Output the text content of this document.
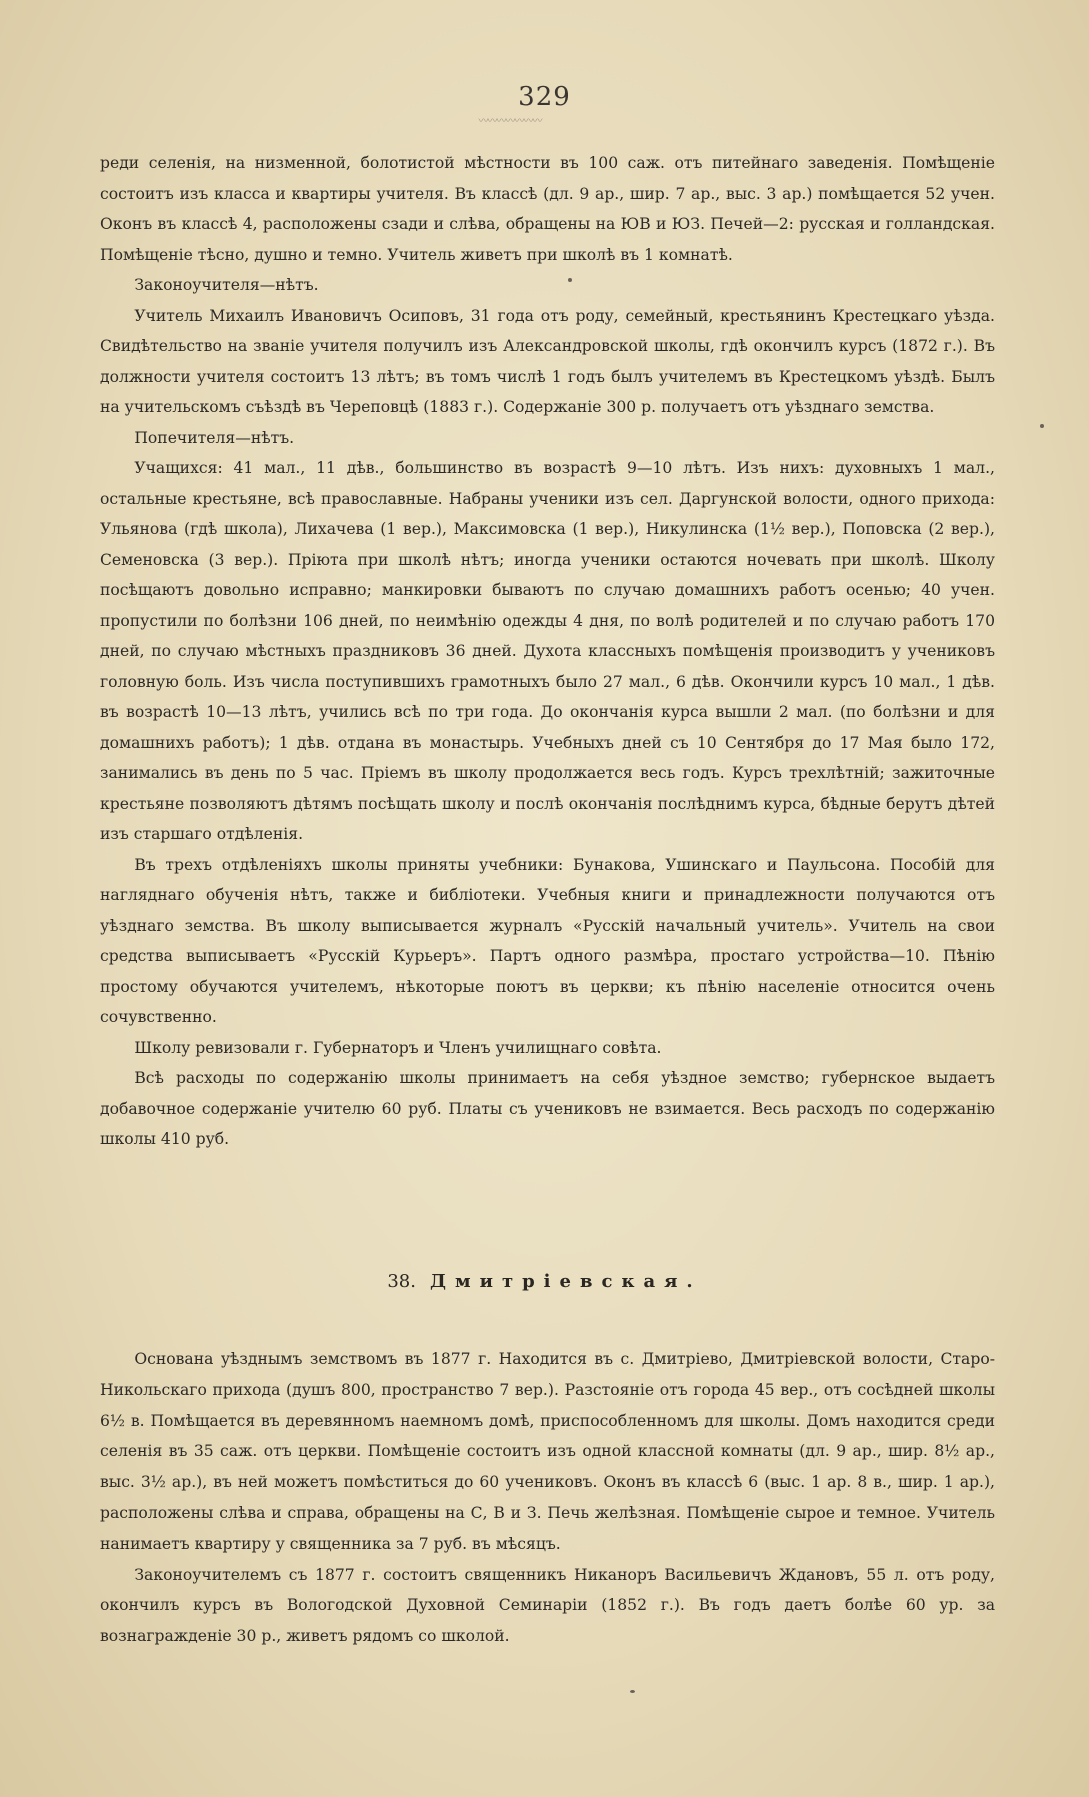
329
〰〰〰〰〰〰〰

реди селенія, на низменной, болотистой мѣстности въ 100 саж. отъ питейнаго заведенія. Помѣщеніе состоитъ изъ класса и квартиры учителя. Въ классѣ (дл. 9 ар., шир. 7 ар., выс. 3 ар.) помѣщается 52 учен. Оконъ въ классѣ 4, расположены сзади и слѣва, обращены на ЮВ и ЮЗ. Печей—2: русская и голландская. Помѣщеніе тѣсно, душно и темно. Учитель живетъ при школѣ въ 1 комнатѣ.

Законоучителя—нѣтъ.

Учитель Михаилъ Ивановичъ Осиповъ, 31 года отъ роду, семейный, крестьянинъ Крестецкаго уѣзда. Свидѣтельство на званіе учителя получилъ изъ Александровской школы, гдѣ окончилъ курсъ (1872 г.). Въ должности учителя состоитъ 13 лѣтъ; въ томъ числѣ 1 годъ былъ учителемъ въ Крестецкомъ уѣздѣ. Былъ на учительскомъ съѣздѣ въ Череповцѣ (1883 г.). Содержаніе 300 р. получаетъ отъ уѣзднаго земства.

Попечителя—нѣтъ.

Учащихся: 41 мал., 11 дѣв., большинство въ возрастѣ 9—10 лѣтъ. Изъ нихъ: духовныхъ 1 мал., остальные крестьяне, всѣ православные. Набраны ученики изъ сел. Даргунской волости, одного прихода: Ульянова (гдѣ школа), Лихачева (1 вер.), Максимовска (1 вер.), Никулинска (1½ вер.), Поповска (2 вер.), Семеновска (3 вер.). Пріюта при школѣ нѣтъ; иногда ученики остаются ночевать при школѣ. Школу посѣщаютъ довольно исправно; манкировки бываютъ по случаю домашнихъ работъ осенью; 40 учен. пропустили по болѣзни 106 дней, по неимѣнію одежды 4 дня, по волѣ родителей и по случаю работъ 170 дней, по случаю мѣстныхъ праздниковъ 36 дней. Духота классныхъ помѣщенія производитъ у учениковъ головную боль. Изъ числа поступившихъ грамотныхъ было 27 мал., 6 дѣв. Окончили курсъ 10 мал., 1 дѣв. въ возрастѣ 10—13 лѣтъ, учились всѣ по три года. До окончанія курса вышли 2 мал. (по болѣзни и для домашнихъ работъ); 1 дѣв. отдана въ монастырь. Учебныхъ дней съ 10 Сентября до 17 Мая было 172, занимались въ день по 5 час. Пріемъ въ школу продолжается весь годъ. Курсъ трехлѣтній; зажиточные крестьяне позволяютъ дѣтямъ посѣщать школу и послѣ окончанія послѣднимъ курса, бѣдные берутъ дѣтей изъ старшаго отдѣленія.

Въ трехъ отдѣленіяхъ школы приняты учебники: Бунакова, Ушинскаго и Паульсона. Пособій для нагляднаго обученія нѣтъ, также и библіотеки. Учебныя книги и принадлежности получаются отъ уѣзднаго земства. Въ школу выписывается журналъ «Русскій начальный учитель». Учитель на свои средства выписываетъ «Русскій Курьеръ». Партъ одного размѣра, простаго устройства—10. Пѣнію простому обучаются учителемъ, нѣкоторые поютъ въ церкви; къ пѣнію населеніе относится очень сочувственно.

Школу ревизовали г. Губернаторъ и Членъ училищнаго совѣта.

Всѣ расходы по содержанію школы принимаетъ на себя уѣздное земство; губернское выдаетъ добавочное содержаніе учителю 60 руб. Платы съ учениковъ не взимается. Весь расходъ по содержанію школы 410 руб.

38. Дмитріевская.

Основана уѣзднымъ земствомъ въ 1877 г. Находится въ с. Дмитріево, Дмитріевской волости, Старо-Никольскаго прихода (душъ 800, пространство 7 вер.). Разстояніе отъ города 45 вер., отъ сосѣдней школы 6½ в. Помѣщается въ деревянномъ наемномъ домѣ, приспособленномъ для школы. Домъ находится среди селенія въ 35 саж. отъ церкви. Помѣщеніе состоитъ изъ одной классной комнаты (дл. 9 ар., шир. 8½ ар., выс. 3½ ар.), въ ней можетъ помѣститься до 60 учениковъ. Оконъ въ классѣ 6 (выс. 1 ар. 8 в., шир. 1 ар.), расположены слѣва и справа, обращены на С, В и З. Печь желѣзная. Помѣщеніе сырое и темное. Учитель нанимаетъ квартиру у священника за 7 руб. въ мѣсяцъ.

Законоучителемъ съ 1877 г. состоитъ священникъ Никаноръ Васильевичъ Ждановъ, 55 л. отъ роду, окончилъ курсъ въ Вологодской Духовной Семинаріи (1852 г.). Въ годъ даетъ болѣе 60 ур. за вознагражденіе 30 р., живетъ рядомъ со школой.
